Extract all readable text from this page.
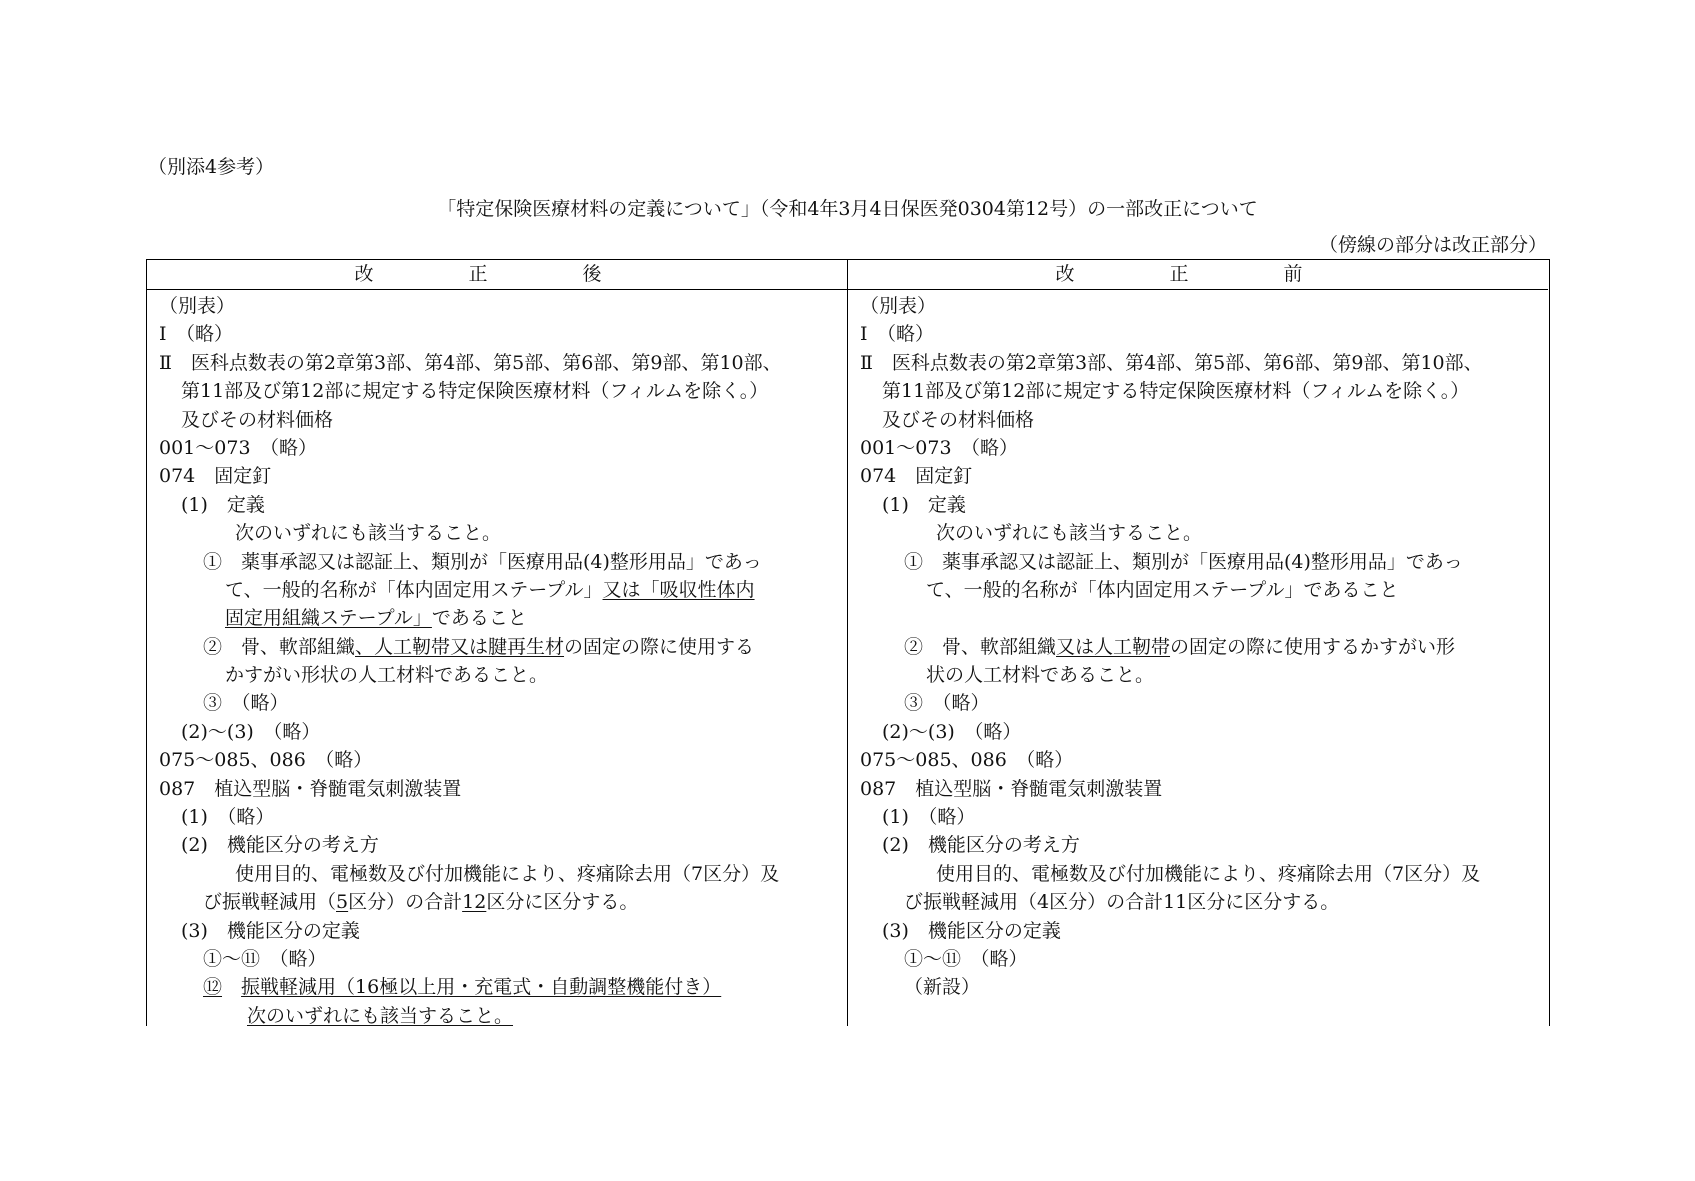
（別添4参考）
「特定保険医療材料の定義について」（令和4年3月4日保医発0304第12号）の一部改正について
（傍線の部分は改正部分）
改　正　後
（別表）
Ⅰ　（略）
Ⅱ　医科点数表の第2章第3部、第4部、第5部、第6部、第9部、第10部、
第11部及び第12部に規定する特定保険医療材料（フィルムを除く。）
及びその材料価格
001～073　（略）
074　固定釘
(1)　定義
次のいずれにも該当すること。
①　薬事承認又は認証上、類別が「医療用品(4)整形用品」であっ
て、一般的名称が「体内固定用ステープル」又は「吸収性体内
固定用組織ステープル」であること
②　骨、軟部組織、人工靭帯又は腱再生材の固定の際に使用する
かすがい形状の人工材料であること。
③　（略）
(2)～(3)　（略）
075～085、086　（略）
087　植込型脳・脊髄電気刺激装置
(1)　（略）
(2)　機能区分の考え方
使用目的、電極数及び付加機能により、疼痛除去用（7区分）及
び振戦軽減用（5区分）の合計12区分に区分する。
(3)　機能区分の定義
①～⑪　（略）
⑫　 振戦軽減用（16極以上用・充電式・自動調整機能付き）
次のいずれにも該当すること。
改　正　前
（別表）
Ⅰ　（略）
Ⅱ　医科点数表の第2章第3部、第4部、第5部、第6部、第9部、第10部、
第11部及び第12部に規定する特定保険医療材料（フィルムを除く。）
及びその材料価格
001～073　（略）
074　固定釘
(1)　定義
次のいずれにも該当すること。
①　薬事承認又は認証上、類別が「医療用品(4)整形用品」であっ
て、一般的名称が「体内固定用ステープル」であること
②　骨、軟部組織又は人工靭帯の固定の際に使用するかすがい形
状の人工材料であること。
③　（略）
(2)～(3)　（略）
075～085、086　（略）
087　植込型脳・脊髄電気刺激装置
(1)　（略）
(2)　機能区分の考え方
使用目的、電極数及び付加機能により、疼痛除去用（7区分）及
び振戦軽減用（4区分）の合計11区分に区分する。
(3)　機能区分の定義
①～⑪　（略）
（新設）
